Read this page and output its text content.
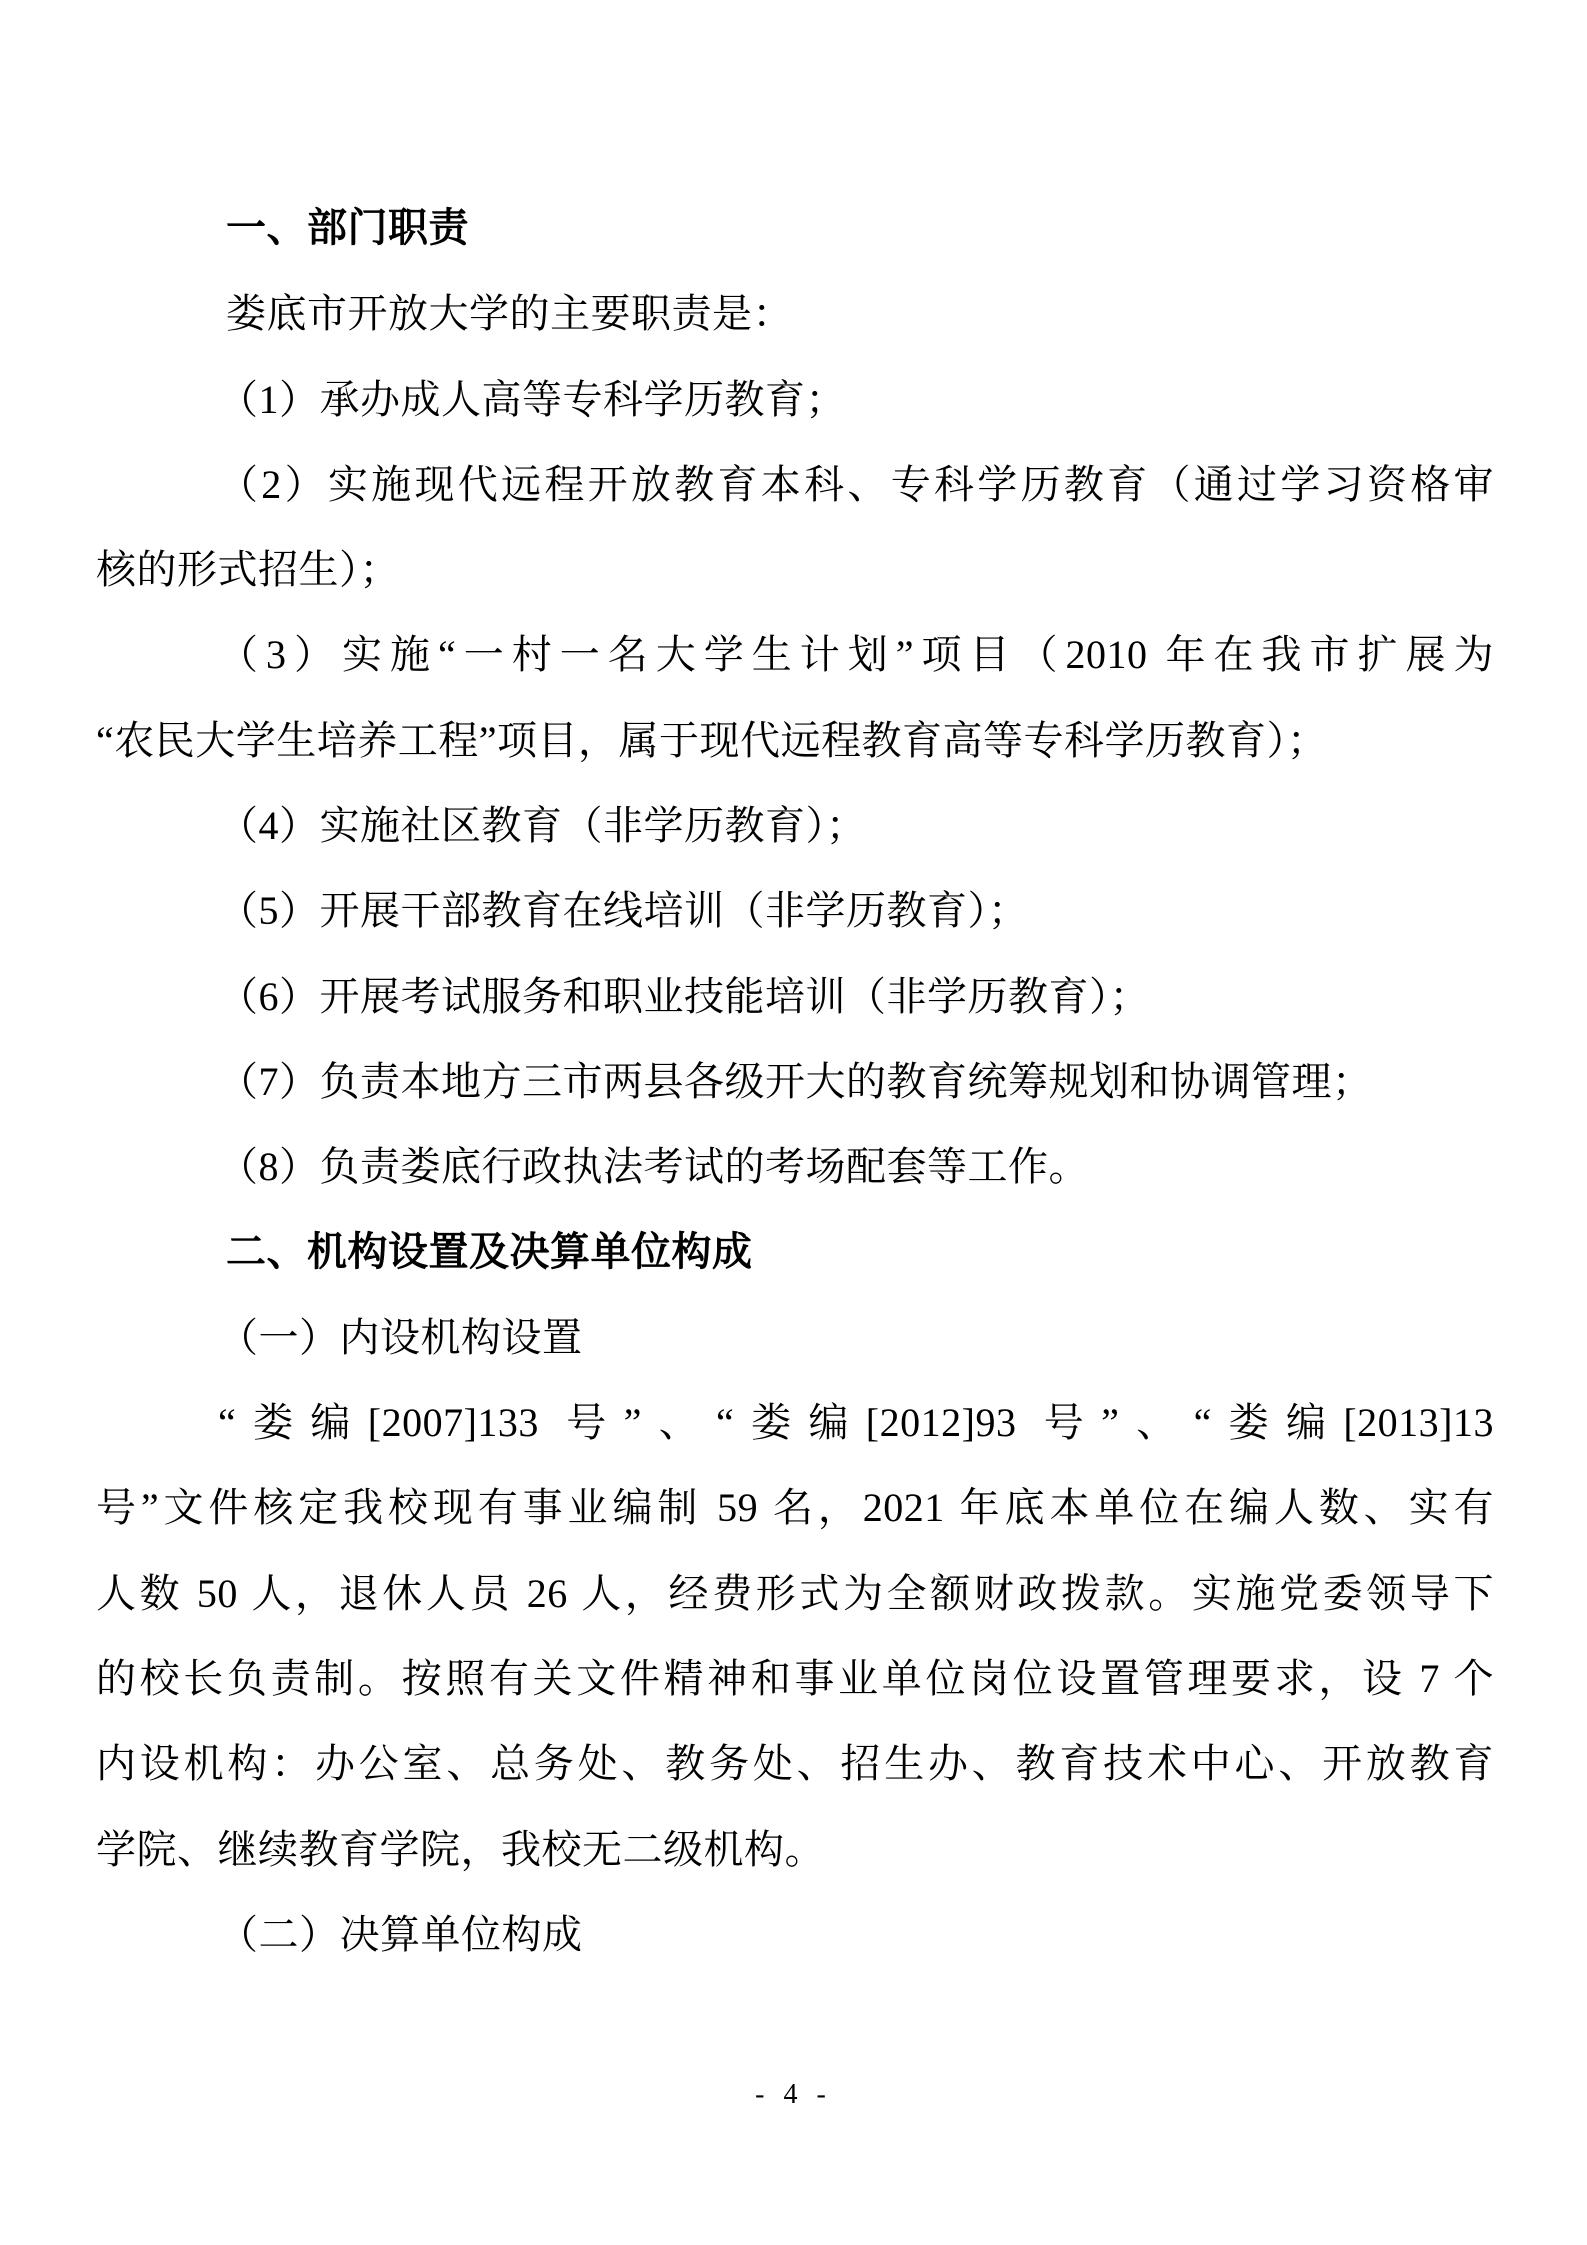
一、部门职责
娄底市开放大学的主要职责是：
（1）承办成人高等专科学历教育；
（2）实施现代远程开放教育本科、专科学历教育（通过学习资格审
核的形式招生）；
（3）实施“一村一名大学生计划”项目（2010 年在我市扩展为
“农民大学生培养工程”项目，属于现代远程教育高等专科学历教育）；
（4）实施社区教育（非学历教育）；
（5）开展干部教育在线培训（非学历教育）；
（6）开展考试服务和职业技能培训（非学历教育）；
（7）负责本地方三市两县各级开大的教育统筹规划和协调管理；
（8）负责娄底行政执法考试的考场配套等工作。
二、机构设置及决算单位构成
（一）内设机构设置
“娄编[2007]133 号”、“娄编[2012]93 号”、“娄编[2013]13
号”文件核定我校现有事业编制 59 名，2021 年底本单位在编人数、实有
人数 50 人，退休人员 26 人，经费形式为全额财政拨款。实施党委领导下
的校长负责制。按照有关文件精神和事业单位岗位设置管理要求，设 7 个
内设机构：办公室、总务处、教务处、招生办、教育技术中心、开放教育
学院、继续教育学院，我校无二级机构。
（二）决算单位构成
- 4 -
